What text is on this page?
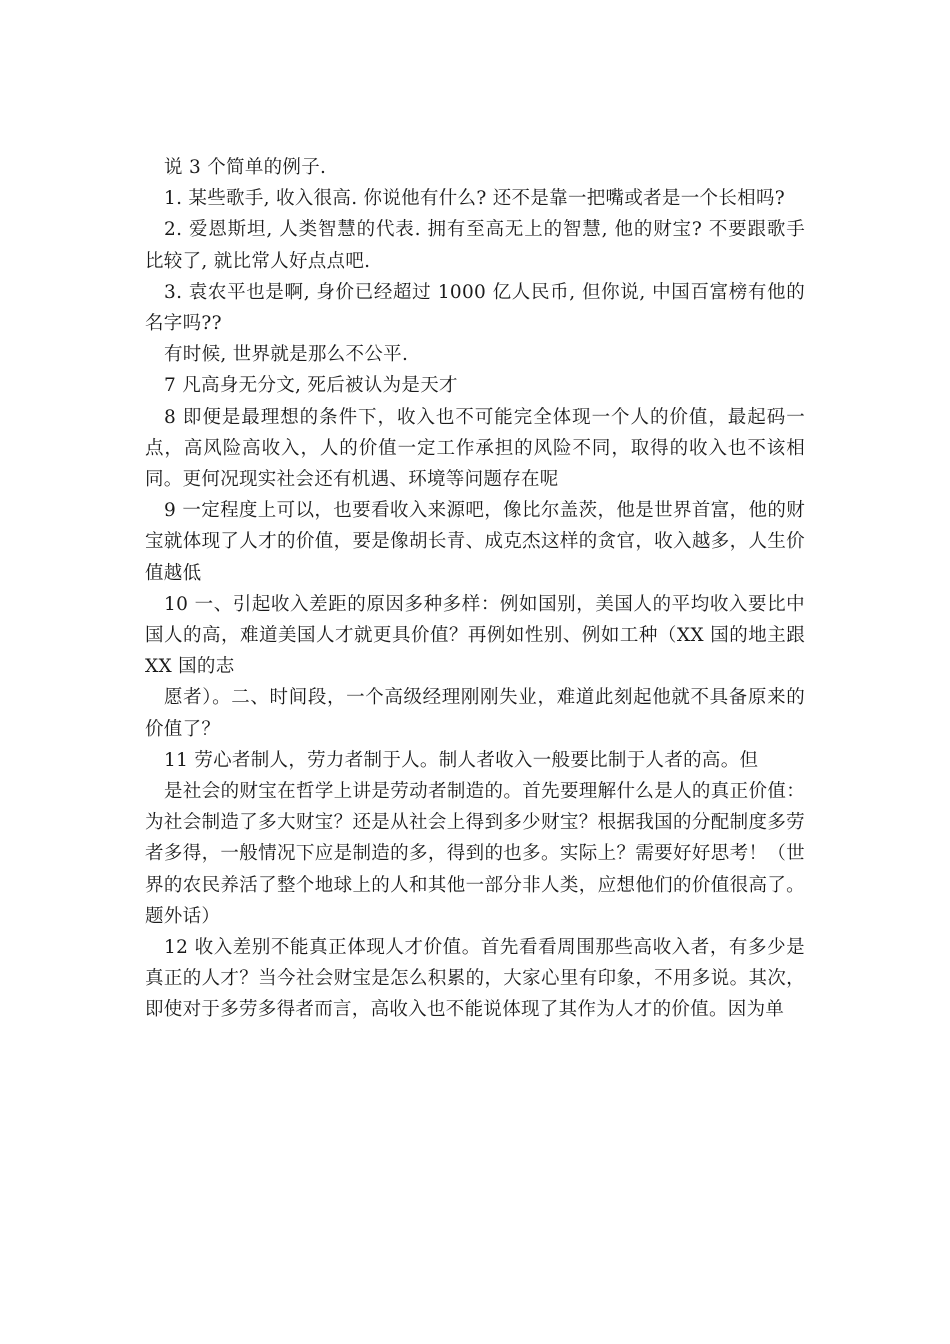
说 3 个简单的例子.

1. 某些歌手, 收入很高. 你说他有什么? 还不是靠一把嘴或者是一个长相吗?

2. 爱恩斯坦, 人类智慧的代表. 拥有至高无上的智慧, 他的财宝? 不要跟歌手比较了, 就比常人好点点吧.

3. 袁农平也是啊, 身价已经超过 1000 亿人民币, 但你说, 中国百富榜有他的名字吗??

有时候, 世界就是那么不公平.

7 凡高身无分文, 死后被认为是天才

8 即便是最理想的条件下，收入也不可能完全体现一个人的价值，最起码一点，高风险高收入，人的价值一定工作承担的风险不同，取得的收入也不该相同。更何况现实社会还有机遇、环境等问题存在呢

9 一定程度上可以，也要看收入来源吧，像比尔盖茨，他是世界首富，他的财宝就体现了人才的价值，要是像胡长青、成克杰这样的贪官，收入越多，人生价值越低

10 一、引起收入差距的原因多种多样：例如国别，美国人的平均收入要比中国人的高，难道美国人才就更具价值？再例如性别、例如工种（XX 国的地主跟 XX 国的志

愿者）。二、时间段，一个高级经理刚刚失业，难道此刻起他就不具备原来的价值了？

11 劳心者制人，劳力者制于人。制人者收入一般要比制于人者的高。但

是社会的财宝在哲学上讲是劳动者制造的。首先要理解什么是人的真正价值：为社会制造了多大财宝？还是从社会上得到多少财宝？根据我国的分配制度多劳者多得，一般情况下应是制造的多，得到的也多。实际上？需要好好思考！（世界的农民养活了整个地球上的人和其他一部分非人类，应想他们的价值很高了。题外话）

12 收入差别不能真正体现人才价值。首先看看周围那些高收入者，有多少是真正的人才？当今社会财宝是怎么积累的，大家心里有印象，不用多说。其次，即使对于多劳多得者而言，高收入也不能说体现了其作为人才的价值。因为单
